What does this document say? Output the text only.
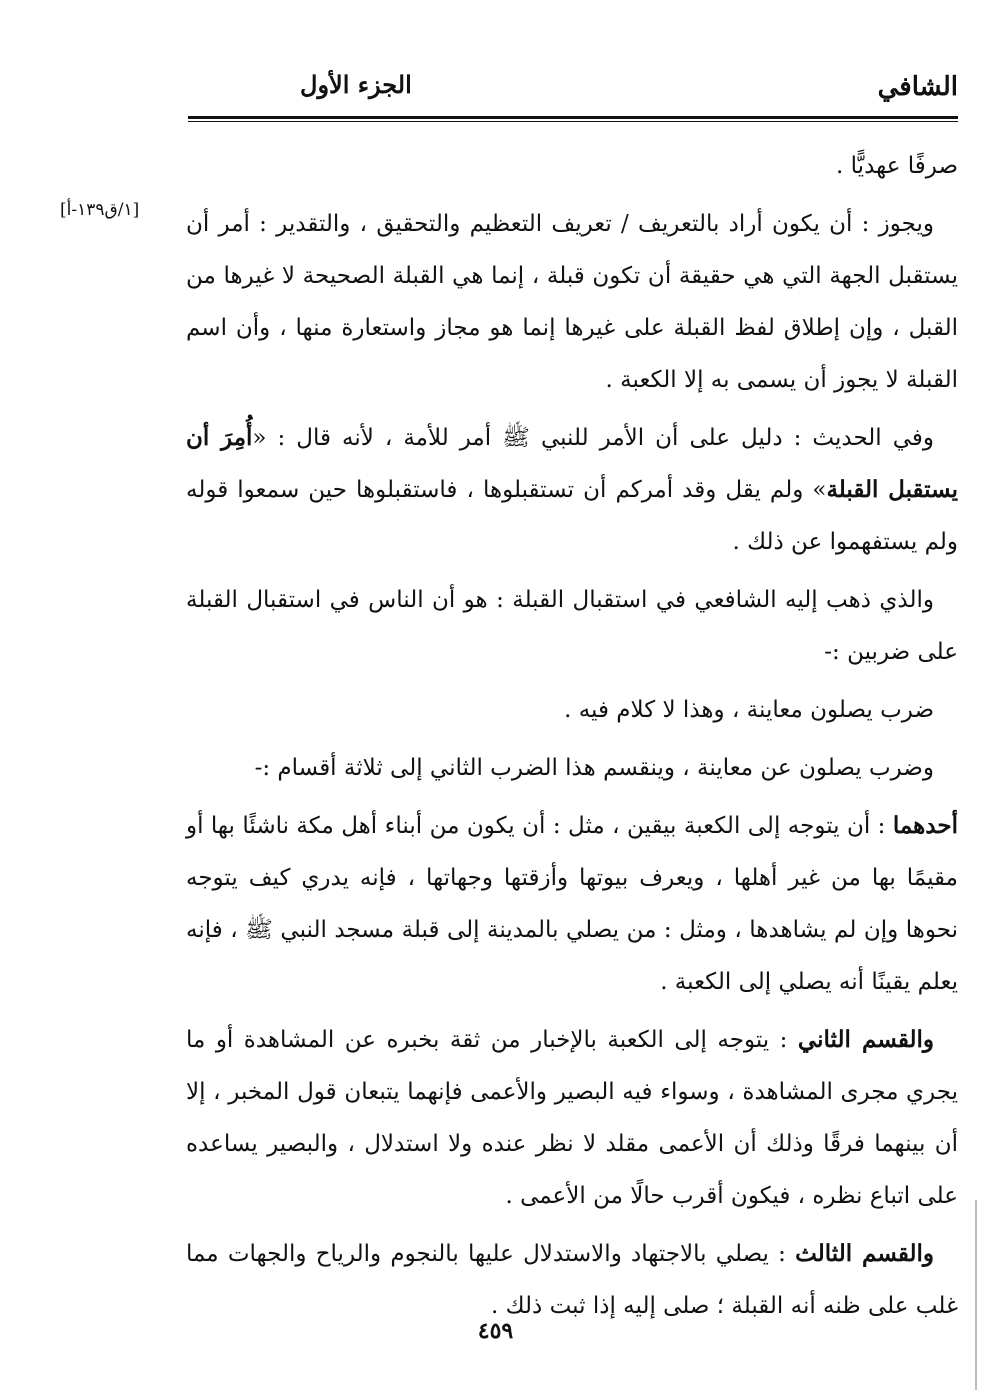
الشافي
الجزء الأول
[١/ق١٣٩-أ]

صرفًا عهديًّا .

ويجوز : أن يكون أراد بالتعريف / تعريف التعظيم والتحقيق ، والتقدير : أمر أن يستقبل الجهة التي هي حقيقة أن تكون قبلة ، إنما هي القبلة الصحيحة لا غيرها من القبل ، وإن إطلاق لفظ القبلة على غيرها إنما هو مجاز واستعارة منها ، وأن اسم القبلة لا يجوز أن يسمى به إلا الكعبة .

وفي الحديث : دليل على أن الأمر للنبي ﷺ أمر للأمة ، لأنه قال : «أُمِرَ أن يستقبل القبلة» ولم يقل وقد أمركم أن تستقبلوها ، فاستقبلوها حين سمعوا قوله ولم يستفهموا عن ذلك .

والذي ذهب إليه الشافعي في استقبال القبلة : هو أن الناس في استقبال القبلة على ضربين :-

ضرب يصلون معاينة ، وهذا لا كلام فيه .

وضرب يصلون عن معاينة ، وينقسم هذا الضرب الثاني إلى ثلاثة أقسام :-

أحدهما : أن يتوجه إلى الكعبة بيقين ، مثل : أن يكون من أبناء أهل مكة ناشئًا بها أو مقيمًا بها من غير أهلها ، ويعرف بيوتها وأزقتها وجهاتها ، فإنه يدري كيف يتوجه نحوها وإن لم يشاهدها ، ومثل : من يصلي بالمدينة إلى قبلة مسجد النبي ﷺ ، فإنه يعلم يقينًا أنه يصلي إلى الكعبة .

والقسم الثاني : يتوجه إلى الكعبة بالإخبار من ثقة بخبره عن المشاهدة أو ما يجري مجرى المشاهدة ، وسواء فيه البصير والأعمى فإنهما يتبعان قول المخبر ، إلا أن بينهما فرقًا وذلك أن الأعمى مقلد لا نظر عنده ولا استدلال ، والبصير يساعده على اتباع نظره ، فيكون أقرب حالًا من الأعمى .

والقسم الثالث : يصلي بالاجتهاد والاستدلال عليها بالنجوم والرياح والجهات مما غلب على ظنه أنه القبلة ؛ صلى إليه إذا ثبت ذلك .

٤٥٩
